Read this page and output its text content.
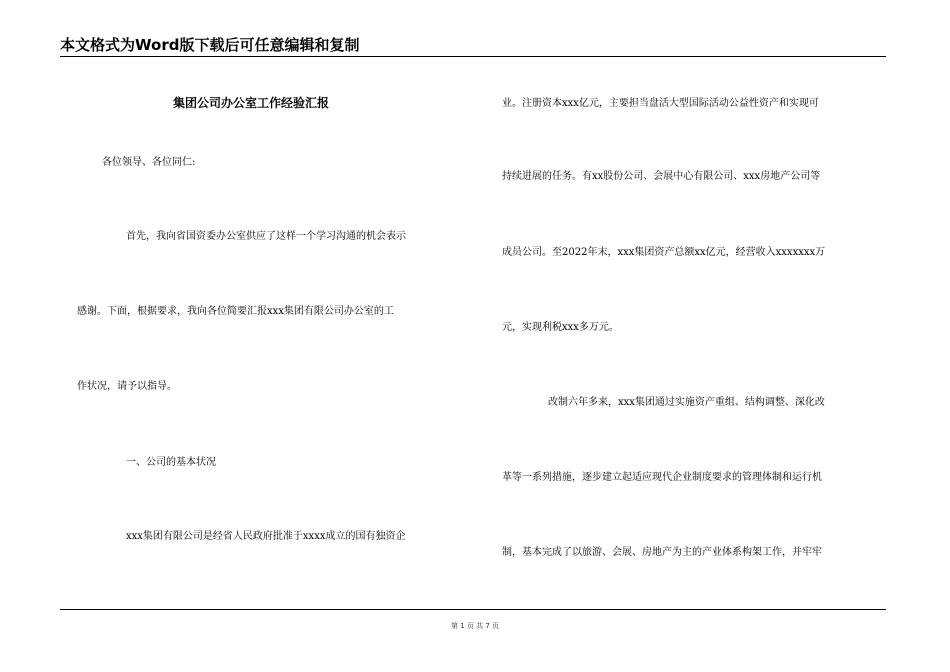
本文格式为Word版下载后可任意编辑和复制
集团公司办公室工作经验汇报
各位领导、各位同仁:
首先，我向省国资委办公室供应了这样一个学习沟通的机会表示
感谢。下面，根据要求，我向各位简要汇报xxx集团有限公司办公室的工
作状况，请予以指导。
一、公司的基本状况
xxx集团有限公司是经省人民政府批准于xxxx成立的国有独资企
业。注册资本xxx亿元，主要担当盘活大型国际活动公益性资产和实现可
持续进展的任务。有xx股份公司、会展中心有限公司、xxx房地产公司等
成员公司。至2022年末，xxx集团资产总额xx亿元，经营收入xxxxxxx万
元，实现利税xxx多万元。
改制六年多来，xxx集团通过实施资产重组、结构调整、深化改
革等一系列措施，逐步建立起适应现代企业制度要求的管理体制和运行机
制，基本完成了以旅游、会展、房地产为主的产业体系构架工作，并牢牢
第 1 页 共 7 页
